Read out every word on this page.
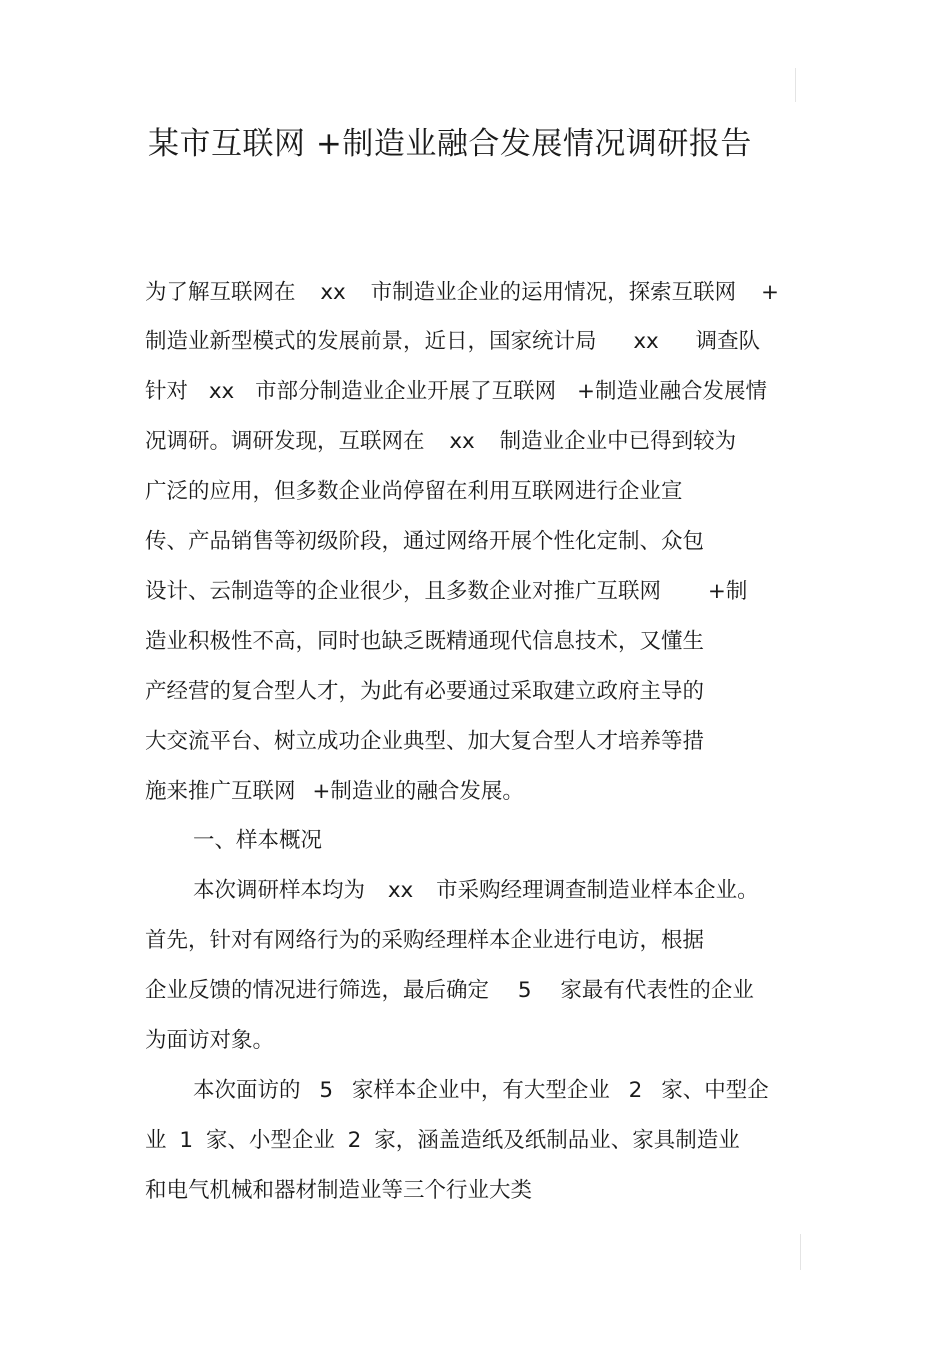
某市互联网 +制造业融合发展情况调研报告
为了解互联网在 xx 市制造业企业的运用情况，探索互联网 +
制造业新型模式的发展前景，近日，国家统计局 xx 调查队
针对 xx 市部分制造业企业开展了互联网 +制造业融合发展情
况调研。调研发现，互联网在 xx 制造业企业中已得到较为
广泛的应用，但多数企业尚停留在利用互联网进行企业宣
传、产品销售等初级阶段，通过网络开展个性化定制、众包
设计、云制造等的企业很少，且多数企业对推广互联网 +制
造业积极性不高，同时也缺乏既精通现代信息技术，又懂生
产经营的复合型人才，为此有必要通过采取建立政府主导的
大交流平台、树立成功企业典型、加大复合型人才培养等措
施来推广互联网 +制造业的融合发展。
一、样本概况
本次调研样本均为 xx 市采购经理调查制造业样本企业。
首先，针对有网络行为的采购经理样本企业进行电访，根据
企业反馈的情况进行筛选，最后确定 5 家最有代表性的企业
为面访对象。
本次面访的 5 家样本企业中，有大型企业 2 家、中型企
业 1 家、小型企业 2 家，涵盖造纸及纸制品业、家具制造业
和电气机械和器材制造业等三个行业大类
